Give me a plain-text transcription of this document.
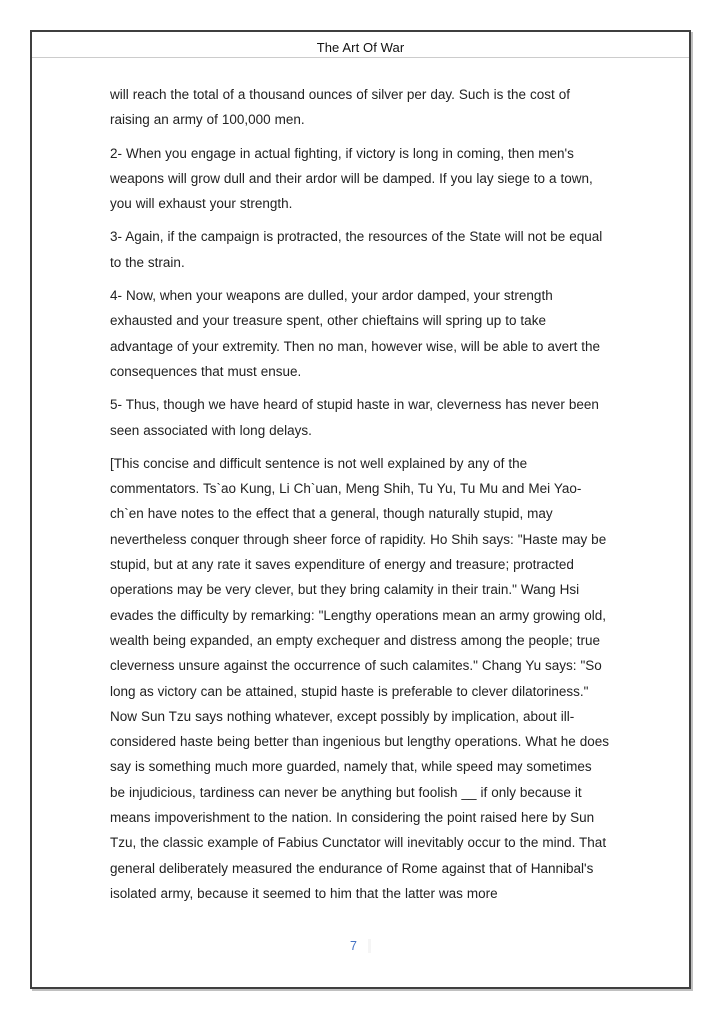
The Art Of War

will reach the total of a thousand ounces of silver per day. Such is the cost of raising an army of 100,000 men.

2- When you engage in actual fighting, if victory is long in coming, then men's weapons will grow dull and their ardor will be damped. If you lay siege to a town, you will exhaust your strength.

3- Again, if the campaign is protracted, the resources of the State will not be equal to the strain.

4- Now, when your weapons are dulled, your ardor damped, your strength exhausted and your treasure spent, other chieftains will spring up to take advantage of your extremity. Then no man, however wise, will be able to avert the consequences that must ensue.

5- Thus, though we have heard of stupid haste in war, cleverness has never been seen associated with long delays.

[This concise and difficult sentence is not well explained by any of the commentators. Ts`ao Kung, Li Ch`uan, Meng Shih, Tu Yu, Tu Mu and Mei Yao-ch`en have notes to the effect that a general, though naturally stupid, may nevertheless conquer through sheer force of rapidity. Ho Shih says: "Haste may be stupid, but at any rate it saves expenditure of energy and treasure; protracted operations may be very clever, but they bring calamity in their train." Wang Hsi evades the difficulty by remarking: "Lengthy operations mean an army growing old, wealth being expanded, an empty exchequer and distress among the people; true cleverness unsure against the occurrence of such calamites." Chang Yu says: "So long as victory can be attained, stupid haste is preferable to clever dilatoriness." Now Sun Tzu says nothing whatever, except possibly by implication, about ill-considered haste being better than ingenious but lengthy operations. What he does say is something much more guarded, namely that, while speed may sometimes be injudicious, tardiness can never be anything but foolish __ if only because it means impoverishment to the nation. In considering the point raised here by Sun Tzu, the classic example of Fabius Cunctator will inevitably occur to the mind. That general deliberately measured the endurance of Rome against that of Hannibal's isolated army, because it seemed to him that the latter was more

7
